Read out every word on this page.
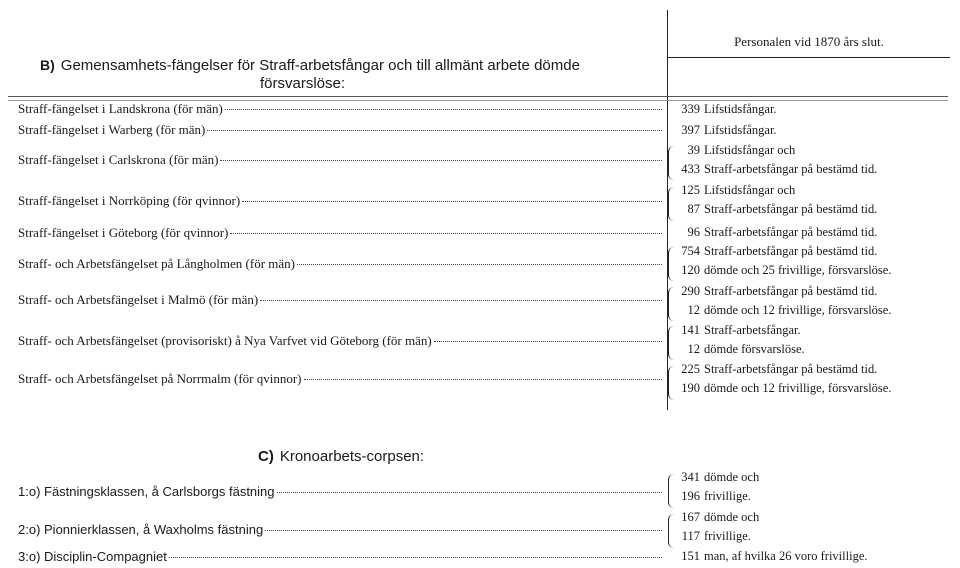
Personalen vid 1870 års slut.
B) Gemensamhets-fängelser för Straff-arbetsfångar och till allmänt arbete dömde
försvarslöse:
Straff-fängelset i Landskrona (för män)	339 Lifstidsfångar.
Straff-fängelset i Warberg (för män)	397 Lifstidsfångar.
Straff-fängelset i Carlskrona (för män)
39 Lifstidsfångar och
433 Straff-arbetsfångar på bestämd tid.
Straff-fängelset i Norrköping (för qvinnor)
125 Lifstidsfångar och
87 Straff-arbetsfångar på bestämd tid.
Straff-fängelset i Göteborg (för qvinnor)	96 Straff-arbetsfångar på bestämd tid.
Straff- och Arbetsfängelset på Långholmen (för män)
754 Straff-arbetsfångar på bestämd tid.
120 dömde och 25 frivillige, försvarslöse.
Straff- och Arbetsfängelset i Malmö (för män)
290 Straff-arbetsfångar på bestämd tid.
12 dömde och 12 frivillige, försvarslöse.
Straff- och Arbetsfängelset (provisoriskt) å Nya Varfvet vid Göteborg (för män)
141 Straff-arbetsfångar.
12 dömde försvarslöse.
Straff- och Arbetsfängelset på Norrmalm (för qvinnor)
225 Straff-arbetsfångar på bestämd tid.
190 dömde och 12 frivillige, försvarslöse.
C) Kronoarbets-corpsen:
1:o) Fästningsklassen, å Carlsborgs fästning
341 dömde och
196 frivillige.
2:o) Pionnierklassen, å Waxholms fästning
167 dömde och
117 frivillige.
3:o) Disciplin-Compagniet	151 man, af hvilka 26 voro frivillige.
